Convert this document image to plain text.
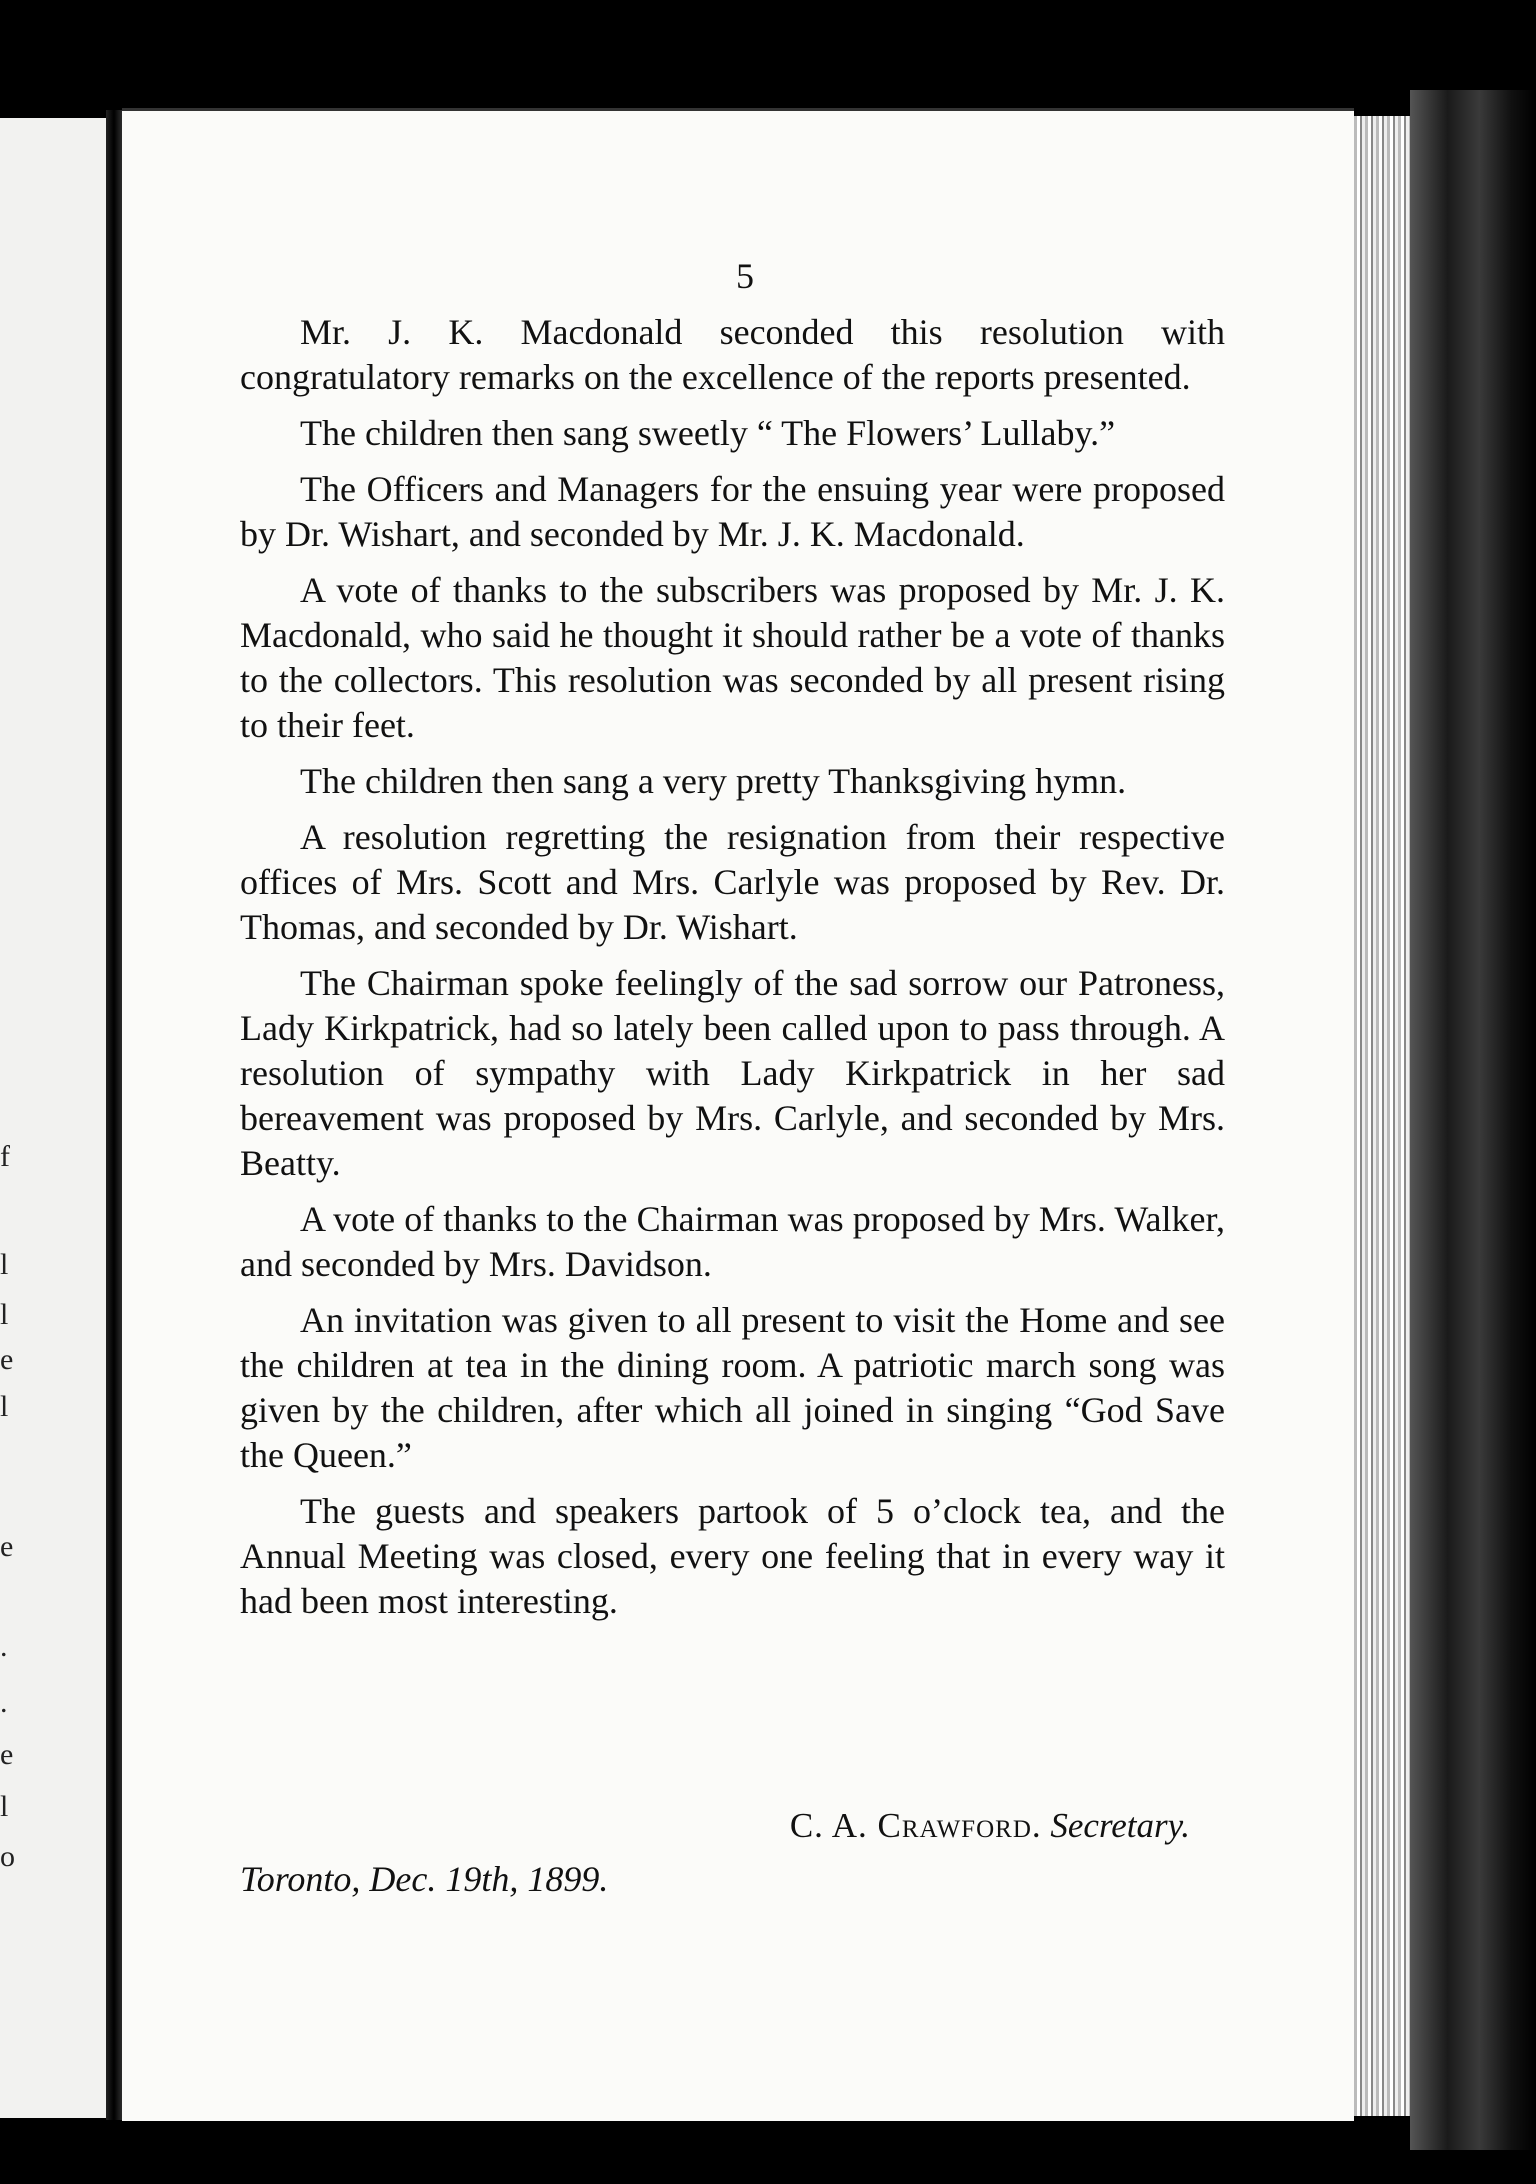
f
l
l
e
l
e
.
.
e
l
o
5

Mr. J. K. Macdonald seconded this resolution with congratulatory remarks on the excellence of the reports presented.

The children then sang sweetly “ The Flowers’ Lullaby.”

The Officers and Managers for the ensuing year were proposed by Dr. Wishart, and seconded by Mr. J. K. Macdonald.

A vote of thanks to the subscribers was proposed by Mr. J. K. Macdonald, who said he thought it should rather be a vote of thanks to the collectors. This resolution was seconded by all present rising to their feet.

The children then sang a very pretty Thanksgiving hymn.

A resolution regretting the resignation from their respective offices of Mrs. Scott and Mrs. Carlyle was proposed by Rev. Dr. Thomas, and seconded by Dr. Wishart.

The Chairman spoke feelingly of the sad sorrow our Patroness, Lady Kirkpatrick, had so lately been called upon to pass through. A resolution of sympathy with Lady Kirkpatrick in her sad bereavement was proposed by Mrs. Carlyle, and seconded by Mrs. Beatty.

A vote of thanks to the Chairman was proposed by Mrs. Walker, and seconded by Mrs. Davidson.

An invitation was given to all present to visit the Home and see the children at tea in the dining room. A patriotic march song was given by the children, after which all joined in singing “God Save the Queen.”

The guests and speakers partook of 5 o’clock tea, and the Annual Meeting was closed, every one feeling that in every way it had been most interesting.

C. A. Crawford. Secretary.
Toronto, Dec. 19th, 1899.
